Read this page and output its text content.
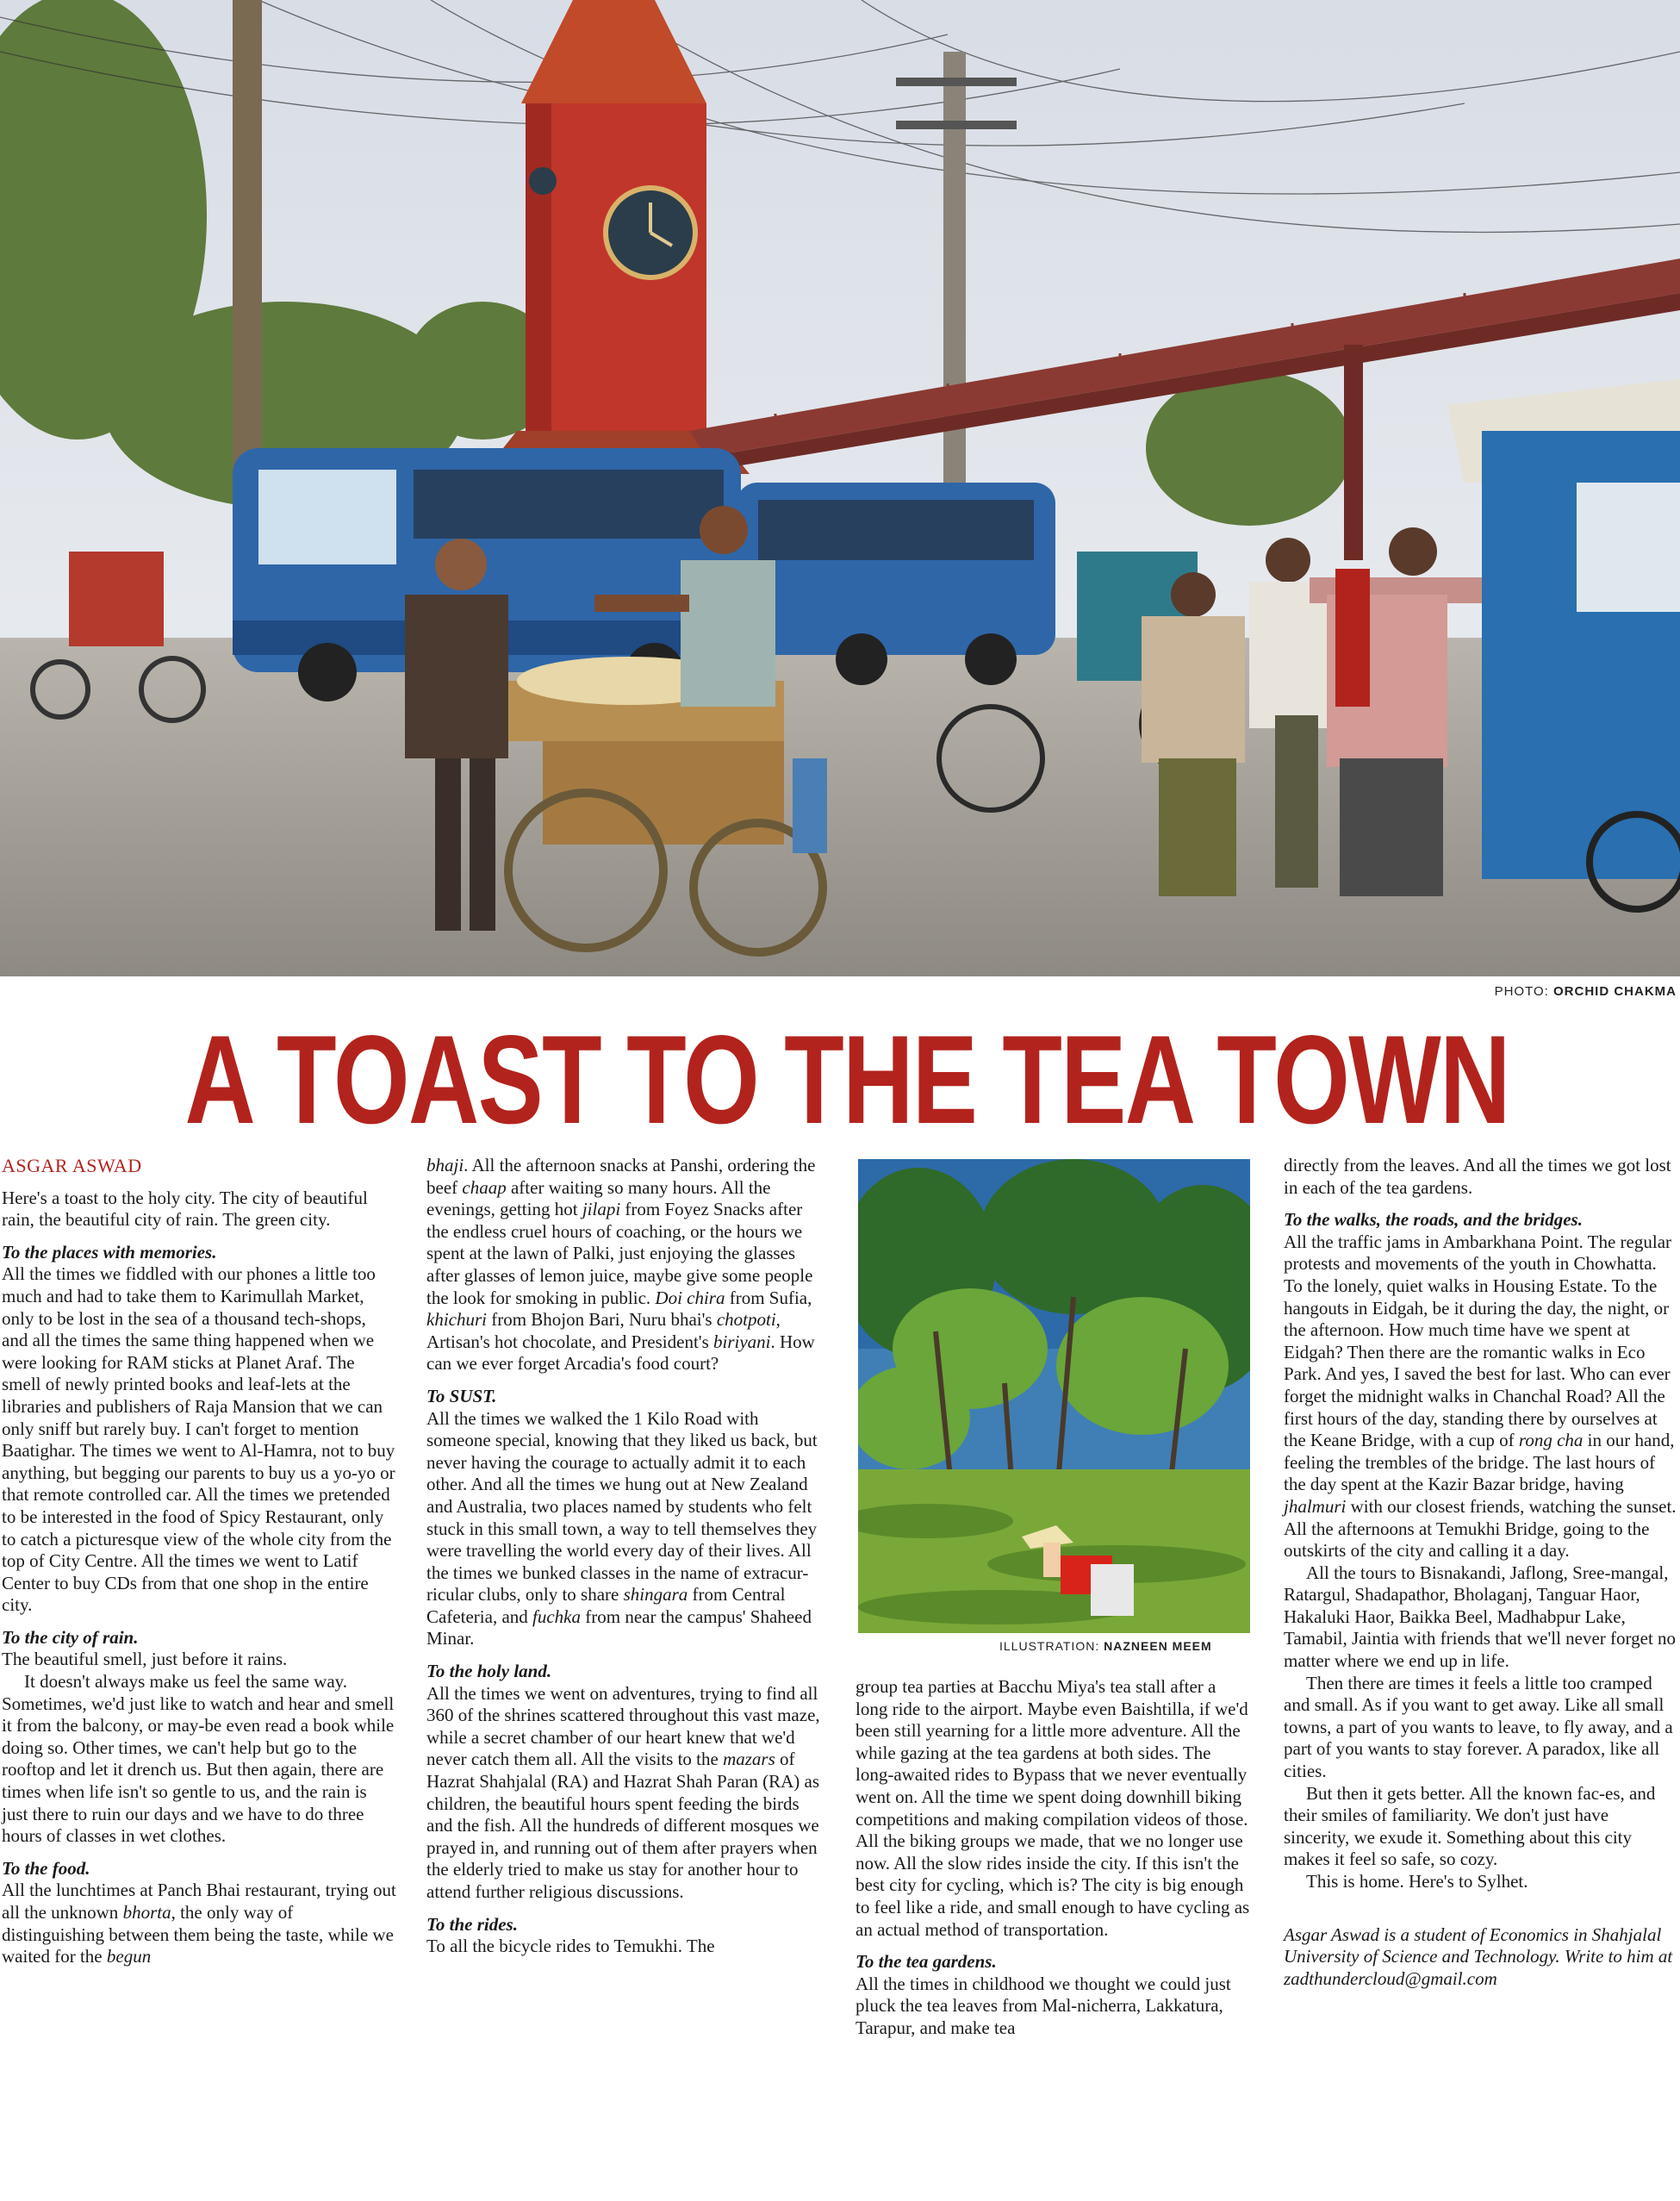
PHOTO: ORCHID CHAKMA
A TOAST TO THE TEA TOWN

ASGAR ASWAD

Here's a toast to the holy city. The city of beautiful rain, the beautiful city of rain. The green city.

To the places with memories.

All the times we fiddled with our phones a little too much and had to take them to Karimullah Market, only to be lost in the sea of a thousand tech-shops, and all the times the same thing happened when we were looking for RAM sticks at Planet Araf. The smell of newly printed books and leaf-lets at the libraries and publishers of Raja Mansion that we can only sniff but rarely buy. I can't forget to mention Baatighar. The times we went to Al-Hamra, not to buy anything, but begging our parents to buy us a yo-yo or that remote controlled car. All the times we pretended to be interested in the food of Spicy Restaurant, only to catch a picturesque view of the whole city from the top of City Centre. All the times we went to Latif Center to buy CDs from that one shop in the entire city.

To the city of rain.

The beautiful smell, just before it rains.

It doesn't always make us feel the same way. Sometimes, we'd just like to watch and hear and smell it from the balcony, or may-be even read a book while doing so. Other times, we can't help but go to the rooftop and let it drench us. But then again, there are times when life isn't so gentle to us, and the rain is just there to ruin our days and we have to do three hours of classes in wet clothes.

To the food.

All the lunchtimes at Panch Bhai restaurant, trying out all the unknown bhorta, the only way of distinguishing between them being the taste, while we waited for the begun

bhaji. All the afternoon snacks at Panshi, ordering the beef chaap after waiting so many hours. All the evenings, getting hot jilapi from Foyez Snacks after the endless cruel hours of coaching, or the hours we spent at the lawn of Palki, just enjoying the glasses after glasses of lemon juice, maybe give some people the look for smoking in public. Doi chira from Sufia, khichuri from Bhojon Bari, Nuru bhai's chotpoti, Artisan's hot chocolate, and President's biriyani. How can we ever forget Arcadia's food court?

To SUST.

All the times we walked the 1 Kilo Road with someone special, knowing that they liked us back, but never having the courage to actually admit it to each other. And all the times we hung out at New Zealand and Australia, two places named by students who felt stuck in this small town, a way to tell themselves they were travelling the world every day of their lives. All the times we bunked classes in the name of extracur-ricular clubs, only to share shingara from Central Cafeteria, and fuchka from near the campus' Shaheed Minar.

To the holy land.

All the times we went on adventures, trying to find all 360 of the shrines scattered throughout this vast maze, while a secret chamber of our heart knew that we'd never catch them all. All the visits to the mazars of Hazrat Shahjalal (RA) and Hazrat Shah Paran (RA) as children, the beautiful hours spent feeding the birds and the fish. All the hundreds of different mosques we prayed in, and running out of them after prayers when the elderly tried to make us stay for another hour to attend further religious discussions.

To the rides.

To all the bicycle rides to Temukhi. The

ILLUSTRATION: NAZNEEN MEEM

group tea parties at Bacchu Miya's tea stall after a long ride to the airport. Maybe even Baishtilla, if we'd been still yearning for a little more adventure. All the while gazing at the tea gardens at both sides. The long-awaited rides to Bypass that we never eventually went on. All the time we spent doing downhill biking competitions and making compilation videos of those. All the biking groups we made, that we no longer use now. All the slow rides inside the city. If this isn't the best city for cycling, which is? The city is big enough to feel like a ride, and small enough to have cycling as an actual method of transportation.

To the tea gardens.

All the times in childhood we thought we could just pluck the tea leaves from Mal-nicherra, Lakkatura, Tarapur, and make tea

directly from the leaves. And all the times we got lost in each of the tea gardens.

To the walks, the roads, and the bridges.

All the traffic jams in Ambarkhana Point. The regular protests and movements of the youth in Chowhatta. To the lonely, quiet walks in Housing Estate. To the hangouts in Eidgah, be it during the day, the night, or the afternoon. How much time have we spent at Eidgah? Then there are the romantic walks in Eco Park. And yes, I saved the best for last. Who can ever forget the midnight walks in Chanchal Road? All the first hours of the day, standing there by ourselves at the Keane Bridge, with a cup of rong cha in our hand, feeling the trembles of the bridge. The last hours of the day spent at the Kazir Bazar bridge, having jhalmuri with our closest friends, watching the sunset. All the afternoons at Temukhi Bridge, going to the outskirts of the city and calling it a day.

All the tours to Bisnakandi, Jaflong, Sree-mangal, Ratargul, Shadapathor, Bholaganj, Tanguar Haor, Hakaluki Haor, Baikka Beel, Madhabpur Lake, Tamabil, Jaintia with friends that we'll never forget no matter where we end up in life.

Then there are times it feels a little too cramped and small. As if you want to get away. Like all small towns, a part of you wants to leave, to fly away, and a part of you wants to stay forever. A paradox, like all cities.

But then it gets better. All the known fac-es, and their smiles of familiarity. We don't just have sincerity, we exude it. Something about this city makes it feel so safe, so cozy.

This is home. Here's to Sylhet.

Asgar Aswad is a student of Economics in Shahjalal University of Science and Technology. Write to him at zadthundercloud@gmail.com
